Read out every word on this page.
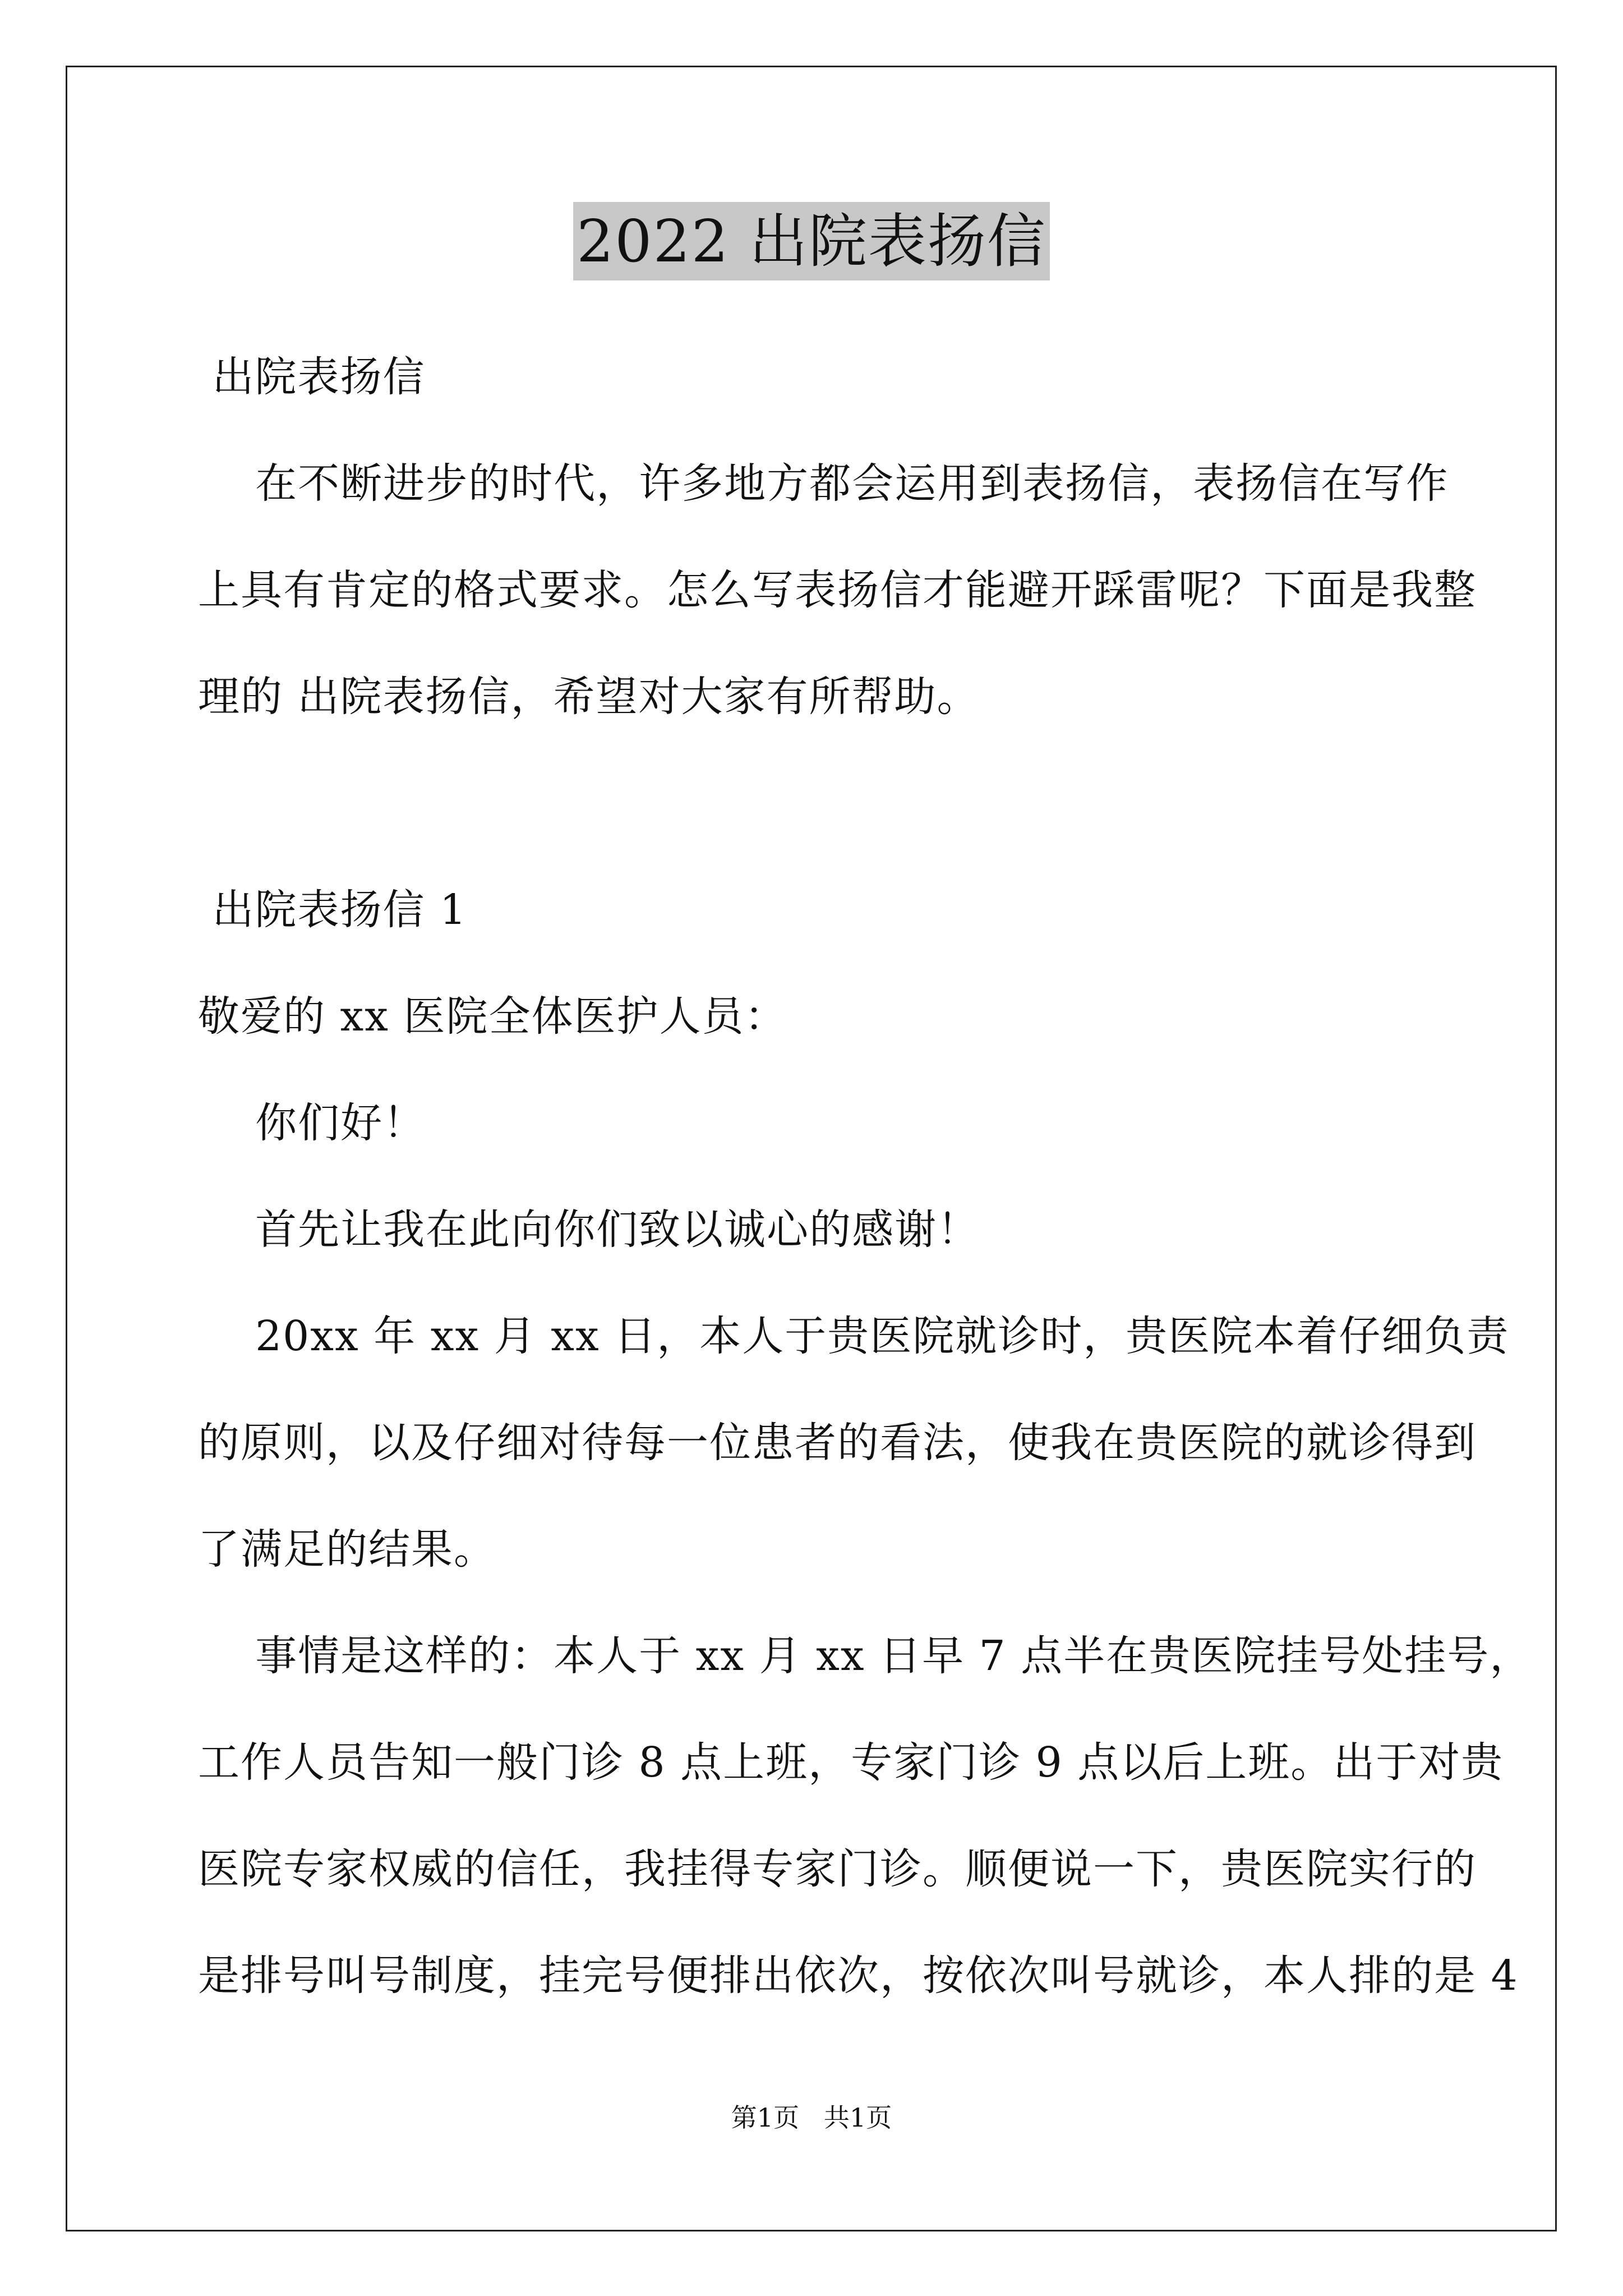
2022 出院表扬信
出院表扬信
在不断进步的时代，许多地方都会运用到表扬信，表扬信在写作
上具有肯定的格式要求。怎么写表扬信才能避开踩雷呢？下面是我整
理的 出院表扬信，希望对大家有所帮助。
出院表扬信 1
敬爱的 xx 医院全体医护人员：
你们好！
首先让我在此向你们致以诚心的感谢！
20xx 年 xx 月 xx 日，本人于贵医院就诊时，贵医院本着仔细负责
的原则，以及仔细对待每一位患者的看法，使我在贵医院的就诊得到
了满足的结果。
事情是这样的：本人于 xx 月 xx 日早 7 点半在贵医院挂号处挂号，
工作人员告知一般门诊 8 点上班，专家门诊 9 点以后上班。出于对贵
医院专家权威的信任，我挂得专家门诊。顺便说一下，贵医院实行的
是排号叫号制度，挂完号便排出依次，按依次叫号就诊，本人排的是 4
第1页   共1页
